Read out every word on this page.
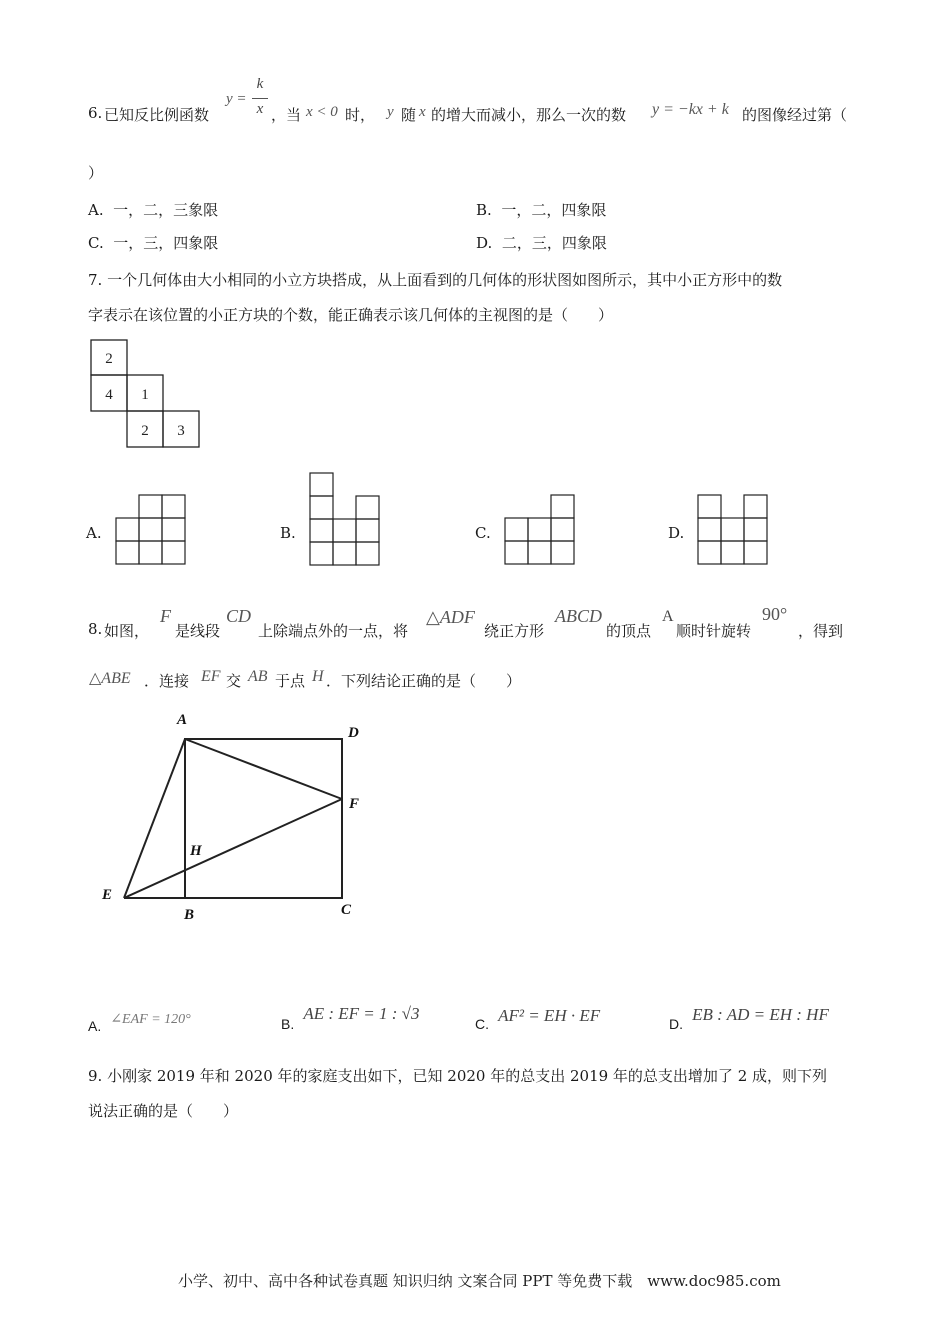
6. 已知反比例函数
y =
k
x ，当 x < 0 时， y 随 x 的增大而减小，那么一次的数 y = −kx + k 的图像经过第（
）
A. 一，二，三象限	B. 一，二，四象限
C. 一，三，四象限	D. 二，三，四象限
7. 一个几何体由大小相同的小立方块搭成，从上面看到的几何体的形状图如图所示，其中小正方形中的数
字表示在该位置的小正方块的个数，能正确表示该几何体的主视图的是（　　）
2
4 1
2 3
A.	B.	C.	D.
8. 如图，
F
是线段
CD
上除端点外的一点，将
△ADF
绕正方形
ABCD
的顶点
A
顺时针旋转
90°
，得到
△ABE ．连接 EF 交 AB 于点 H ．下列结论正确的是（　　）
A
D
F
H
E
B	C
A. ∠EAF = 120°	B. AE : EF = 1 : √3
C. AF² = EH · EF	D. EB : AD = EH : HF
9. 小刚家 2019 年和 2020 年的家庭支出如下，已知 2020 年的总支出 2019 年的总支出增加了 2 成，则下列
说法正确的是（　　）
小学、初中、高中各种试卷真题 知识归纳 文案合同 PPT 等免费下载　www.doc985.com
